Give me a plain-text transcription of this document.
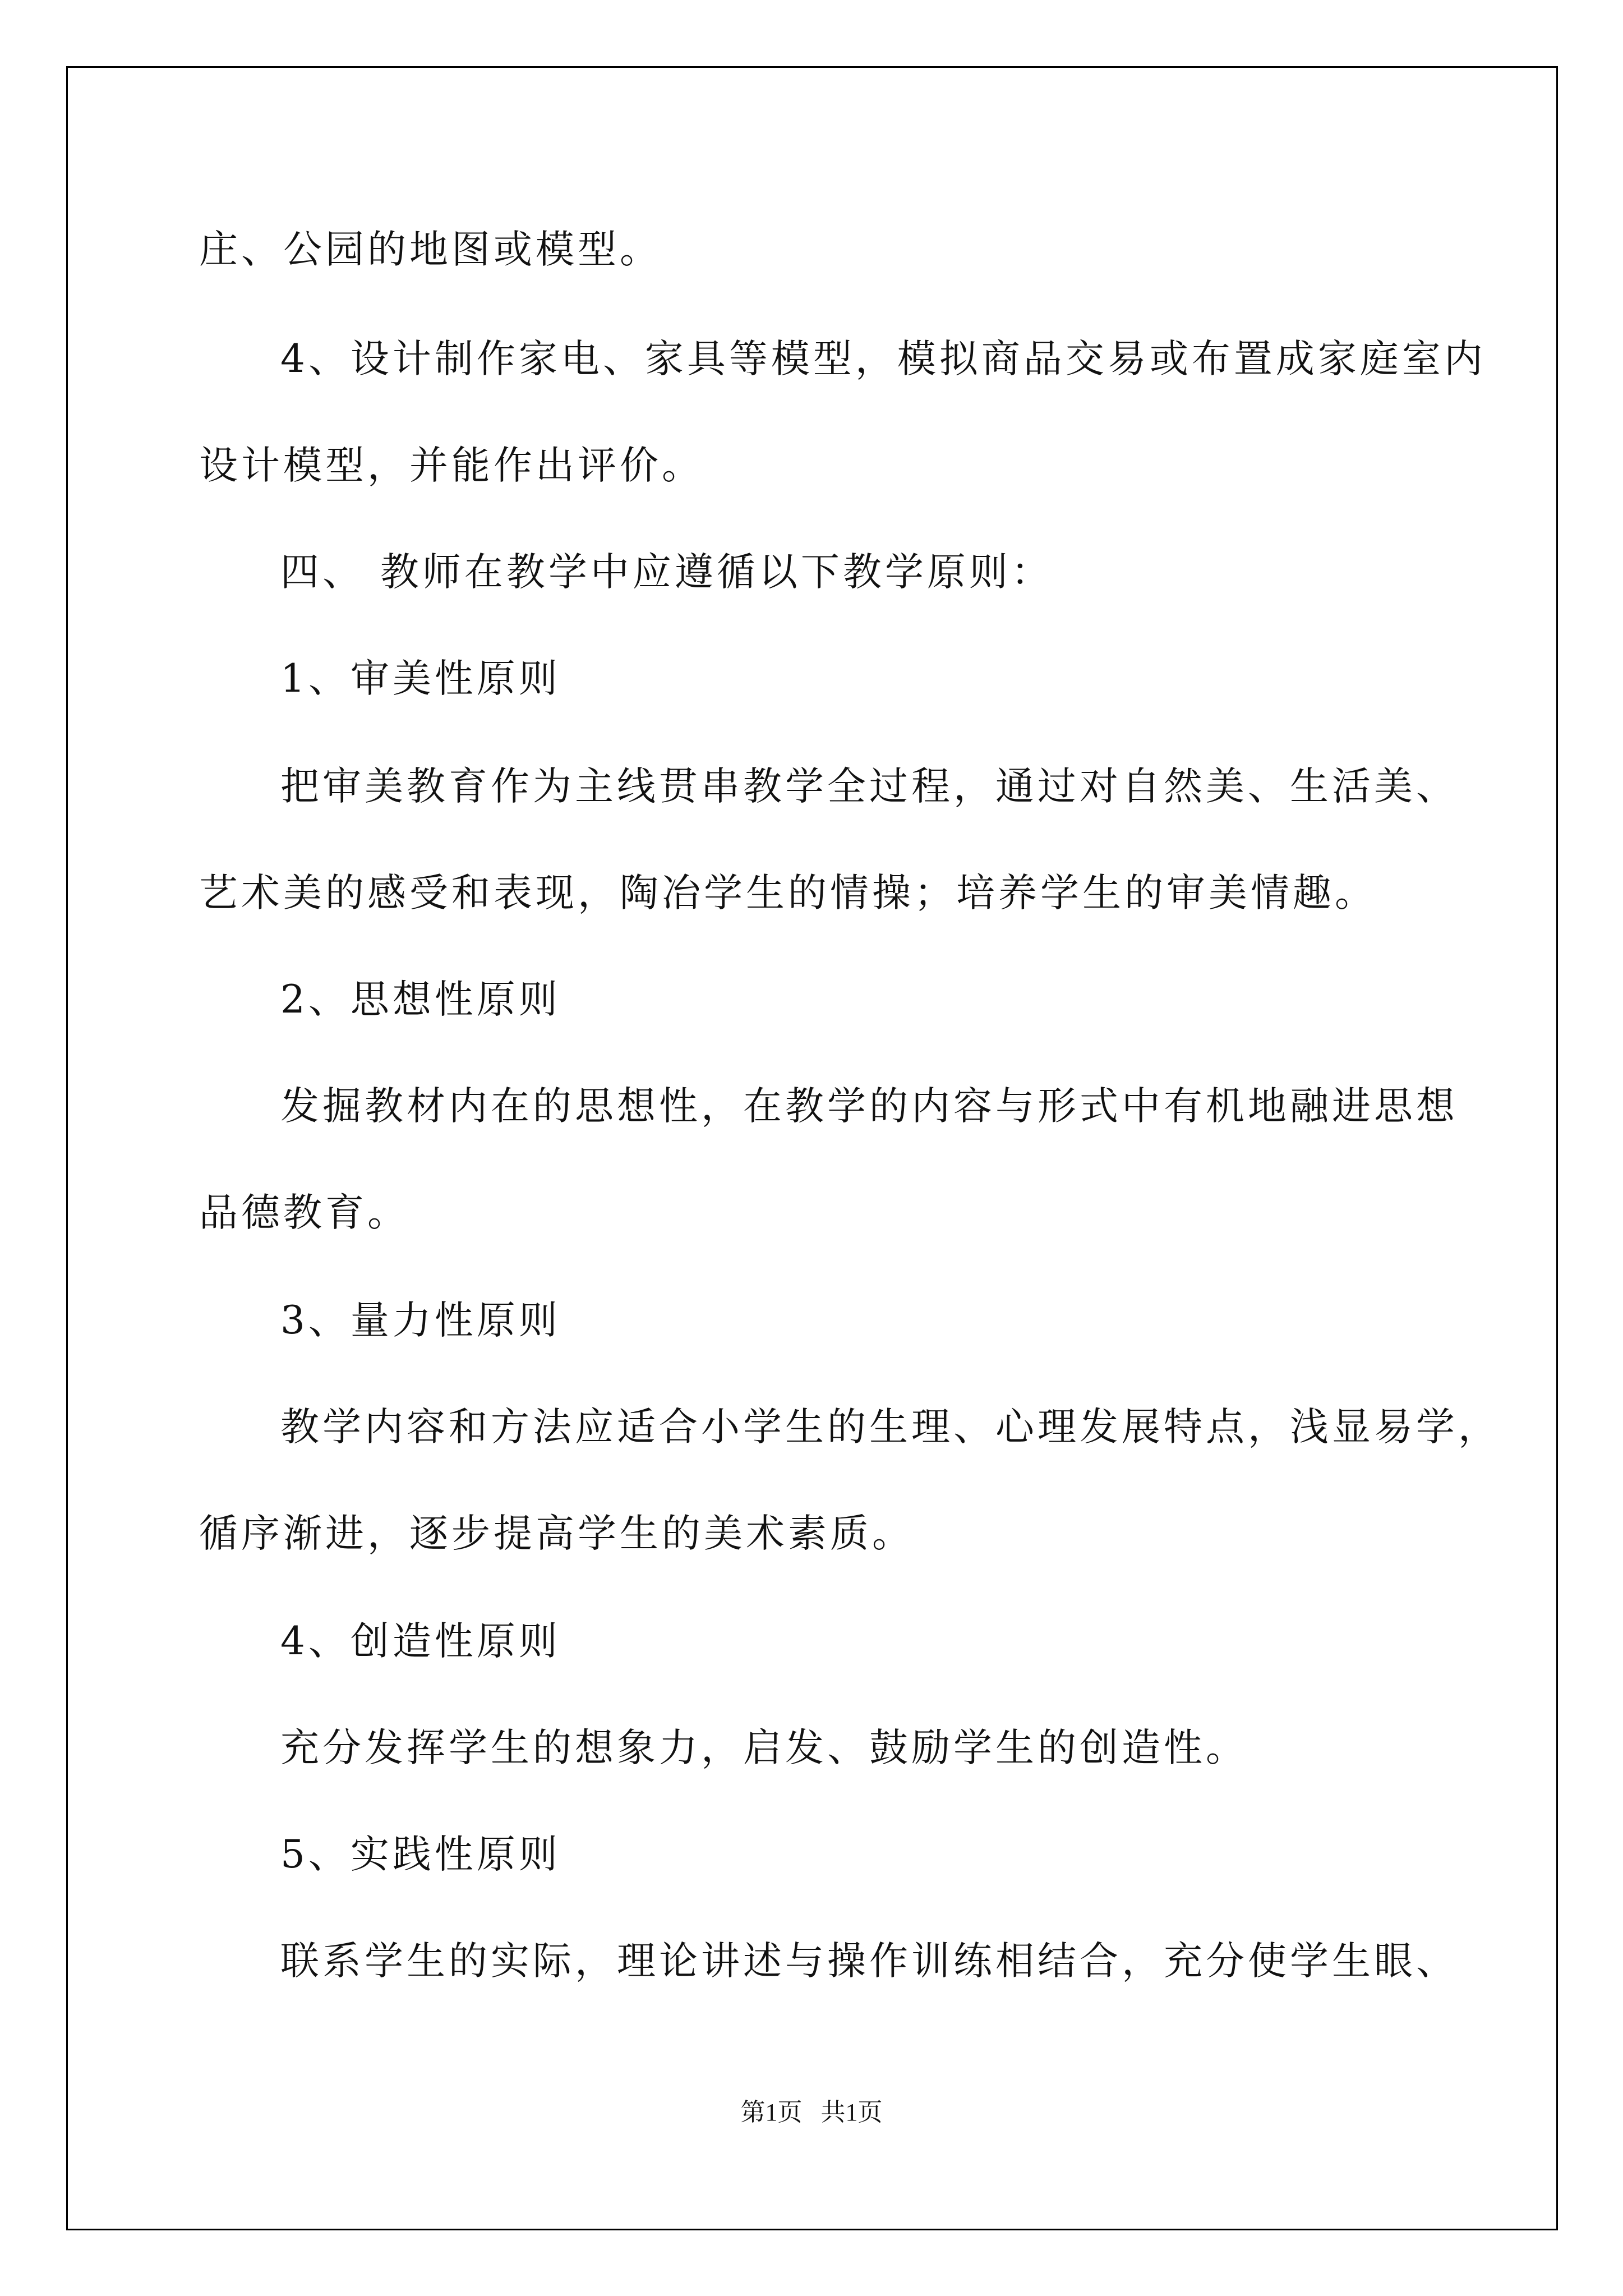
庄、公园的地图或模型。
4、设计制作家电、家具等模型，模拟商品交易或布置成家庭室内
设计模型，并能作出评价。
四、 教师在教学中应遵循以下教学原则：
1、审美性原则
把审美教育作为主线贯串教学全过程，通过对自然美、生活美、
艺术美的感受和表现，陶冶学生的情操；培养学生的审美情趣。
2、思想性原则
发掘教材内在的思想性，在教学的内容与形式中有机地融进思想
品德教育。
3、量力性原则
教学内容和方法应适合小学生的生理、心理发展特点，浅显易学，
循序渐进，逐步提高学生的美术素质。
4、创造性原则
充分发挥学生的想象力，启发、鼓励学生的创造性。
5、实践性原则
联系学生的实际，理论讲述与操作训练相结合，充分使学生眼、
第1页   共1页
